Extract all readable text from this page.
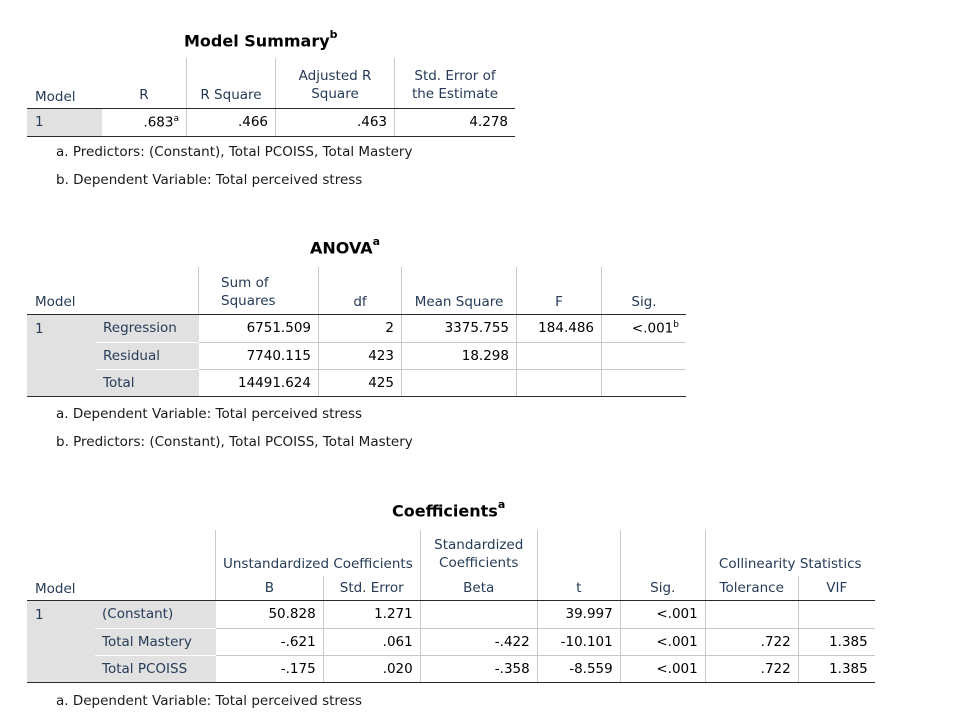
Model Summary$^b$
Model	R	R Square	Adjusted R Square	Std. Error of the Estimate
1	.683$^a$	.466	.463	4.278
a. Predictors: (Constant), Total PCOISS, Total Mastery
b. Dependent Variable: Total perceived stress
ANOVA$^a$
Model		Sum of Squares	df	Mean Square	F	Sig.
1	Regression	6751.509	2	3375.755	184.486	<.001$^b$
	Residual	7740.115	423	18.298		
	Total	14491.624	425			
a. Dependent Variable: Total perceived stress
b. Predictors: (Constant), Total PCOISS, Total Mastery
Coefficients$^a$
		Unstandardized Coefficients		Standardized Coefficients			Collinearity Statistics	
Model		B	Std. Error	Beta	t	Sig.	Tolerance	VIF
1	(Constant)	50.828	1.271		39.997	<.001		
	Total Mastery	-.621	.061	-.422	-10.101	<.001	.722	1.385
	Total PCOISS	-.175	.020	-.358	-8.559	<.001	.722	1.385
a. Dependent Variable: Total perceived stress
